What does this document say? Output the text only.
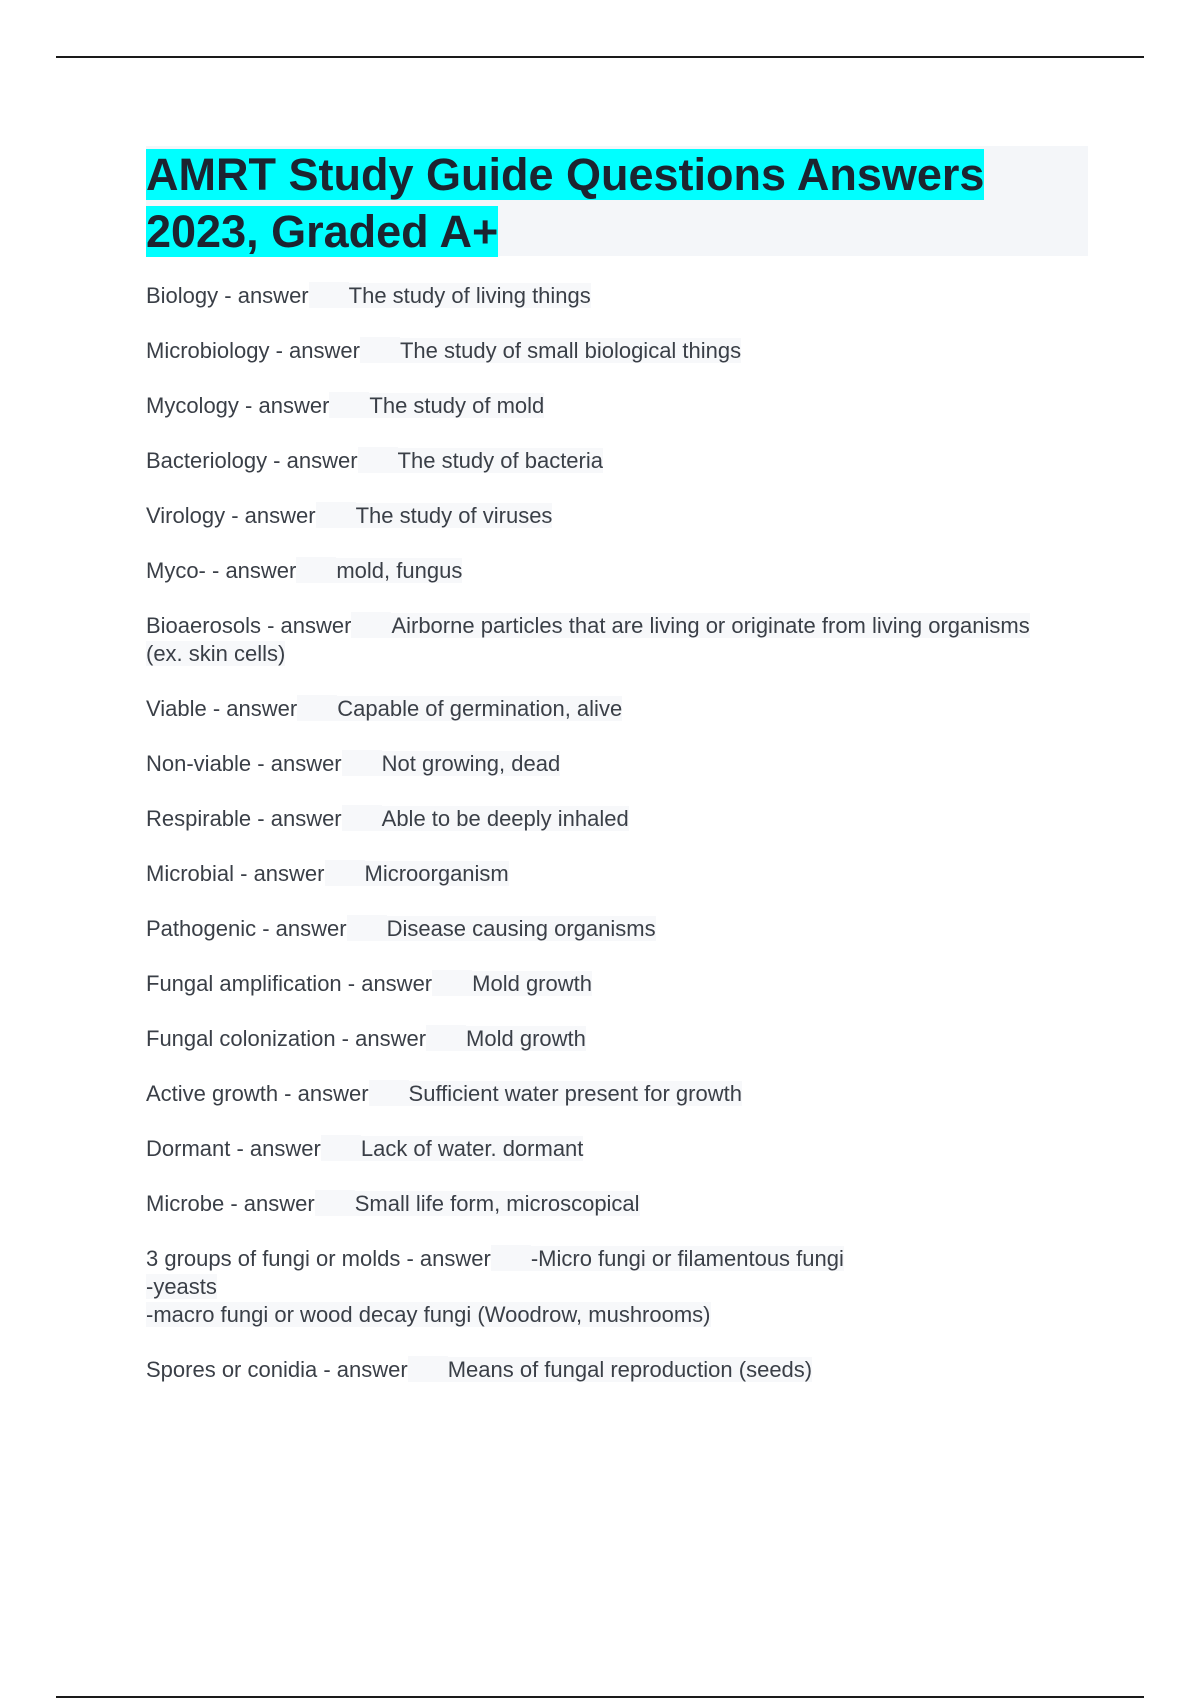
AMRT Study Guide Questions Answers 2023, Graded A+

Biology - answer The study of living things

Microbiology - answer The study of small biological things

Mycology - answer The study of mold

Bacteriology - answer The study of bacteria

Virology - answer The study of viruses

Myco- - answer mold, fungus

Bioaerosols - answer Airborne particles that are living or originate from living organisms
(ex. skin cells)

Viable - answer Capable of germination, alive

Non-viable - answer Not growing, dead

Respirable - answer Able to be deeply inhaled

Microbial - answer Microorganism

Pathogenic - answer Disease causing organisms

Fungal amplification - answer Mold growth

Fungal colonization - answer Mold growth

Active growth - answer Sufficient water present for growth

Dormant - answer Lack of water. dormant

Microbe - answer Small life form, microscopical

3 groups of fungi or molds - answer -Micro fungi or filamentous fungi
-yeasts
-macro fungi or wood decay fungi (Woodrow, mushrooms)

Spores or conidia - answer Means of fungal reproduction (seeds)
